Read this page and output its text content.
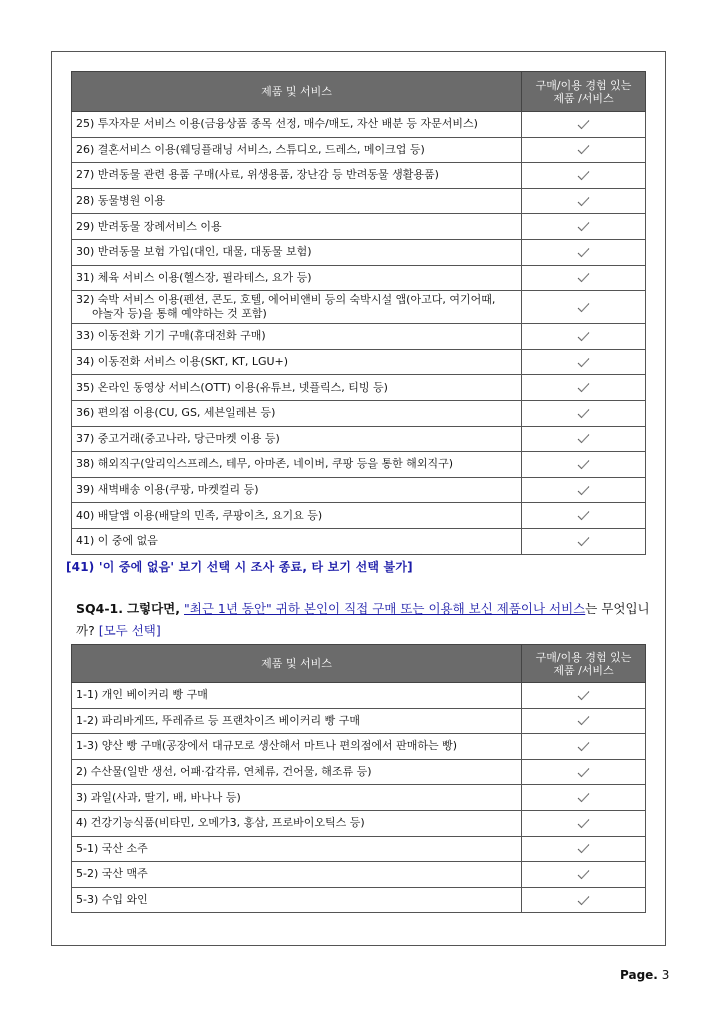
제품 및 서비스	구매/이용 경험 있는
제품 /서비스
25) 투자자문 서비스 이용(금융상품 종목 선정, 매수/매도, 자산 배분 등 자문서비스)	
26) 결혼서비스 이용(웨딩플래닝 서비스, 스튜디오, 드레스, 메이크업 등)	
27) 반려동물 관련 용품 구매(사료, 위생용품, 장난감 등 반려동물 생활용품)	
28) 동물병원 이용	
29) 반려동물 장례서비스 이용	
30) 반려동물 보험 가입(대인, 대물, 대동물 보험)	
31) 체육 서비스 이용(헬스장, 필라테스, 요가 등)	
32) 숙박 서비스 이용(펜션, 콘도, 호텔, 에어비앤비 등의 숙박시설 앱(아고다, 여기어때,
야놀자 등)을 통해 예약하는 것 포함)	
33) 이동전화 기기 구매(휴대전화 구매)	
34) 이동전화 서비스 이용(SKT, KT, LGU+)	
35) 온라인 동영상 서비스(OTT) 이용(유튜브, 넷플릭스, 티빙 등)	
36) 편의점 이용(CU, GS, 세븐일레븐 등)	
37) 중고거래(중고나라, 당근마켓 이용 등)	
38) 해외직구(알리익스프레스, 테무, 아마존, 네이버, 쿠팡 등을 통한 해외직구)	
39) 새벽배송 이용(쿠팡, 마켓컬리 등)	
40) 배달앱 이용(배달의 민족, 쿠팡이츠, 요기요 등)	
41) 이 중에 없음	
[41) '이 중에 없음' 보기 선택 시 조사 종료, 타 보기 선택 불가]
SQ4-1. 그렇다면, "최근 1년 동안" 귀하 본인이 직접 구매 또는 이용해 보신 제품이나 서비스는 무엇입니까? [모두 선택]
제품 및 서비스	구매/이용 경험 있는
제품 /서비스
1-1) 개인 베이커리 빵 구매	
1-2) 파리바게뜨, 뚜레쥬르 등 프랜차이즈 베이커리 빵 구매	
1-3) 양산 빵 구매(공장에서 대규모로 생산해서 마트나 편의점에서 판매하는 빵)	
2) 수산물(일반 생선, 어패·갑각류, 연체류, 건어물, 해조류 등)	
3) 과일(사과, 딸기, 배, 바나나 등)	
4) 건강기능식품(비타민, 오메가3, 홍삼, 프로바이오틱스 등)	
5-1) 국산 소주	
5-2) 국산 맥주	
5-3) 수입 와인	
Page. 3
